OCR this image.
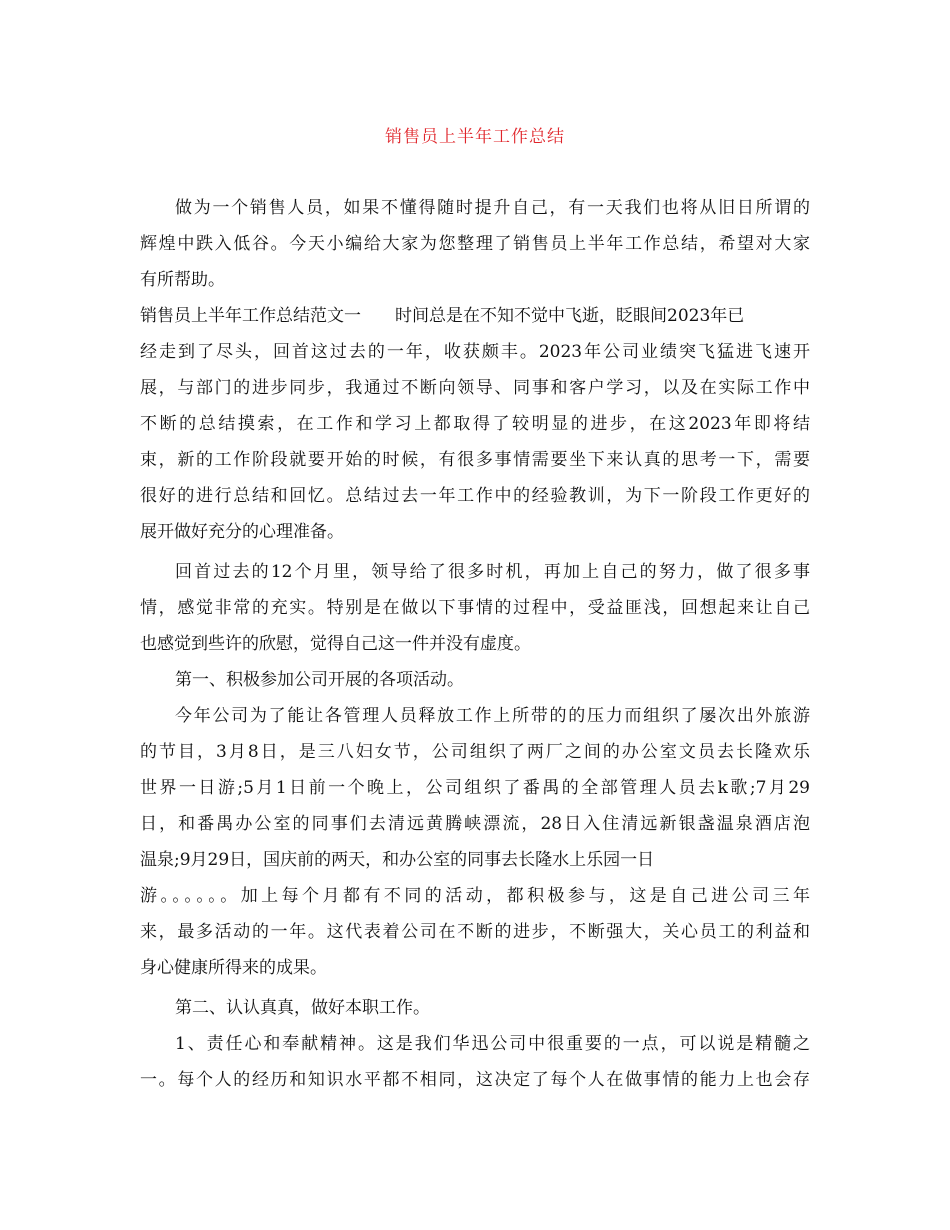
销售员上半年工作总结
做为一个销售人员，如果不懂得随时提升自己，有一天我们也将从旧日所谓的
辉煌中跌入低谷。今天小编给大家为您整理了销售员上半年工作总结，希望对大家
有所帮助。
销售员上半年工作总结范文一 时间总是在不知不觉中飞逝，眨眼间2023年已
经走到了尽头，回首这过去的一年，收获颇丰。2023年公司业绩突飞猛进飞速开
展，与部门的进步同步，我通过不断向领导、同事和客户学习，以及在实际工作中
不断的总结摸索，在工作和学习上都取得了较明显的进步，在这2023年即将结
束，新的工作阶段就要开始的时候，有很多事情需要坐下来认真的思考一下，需要
很好的进行总结和回忆。总结过去一年工作中的经验教训，为下一阶段工作更好的
展开做好充分的心理准备。
回首过去的12个月里，领导给了很多时机，再加上自己的努力，做了很多事
情，感觉非常的充实。特别是在做以下事情的过程中，受益匪浅，回想起来让自己
也感觉到些许的欣慰，觉得自己这一件并没有虚度。
第一、积极参加公司开展的各项活动。
今年公司为了能让各管理人员释放工作上所带的的压力而组织了屡次出外旅游
的节目，3月8日，是三八妇女节，公司组织了两厂之间的办公室文员去长隆欢乐
世界一日游;5月1日前一个晚上，公司组织了番禺的全部管理人员去k歌;7月29
日，和番禺办公室的同事们去清远黄腾峡漂流，28日入住清远新银盏温泉酒店泡
温泉;9月29日，国庆前的两天，和办公室的同事去长隆水上乐园一日
游。。。。。。加上每个月都有不同的活动，都积极参与，这是自己进公司三年
来，最多活动的一年。这代表着公司在不断的进步，不断强大，关心员工的利益和
身心健康所得来的成果。
第二、认认真真，做好本职工作。
1、责任心和奉献精神。这是我们华迅公司中很重要的一点，可以说是精髓之
一。每个人的经历和知识水平都不相同，这决定了每个人在做事情的能力上也会存
